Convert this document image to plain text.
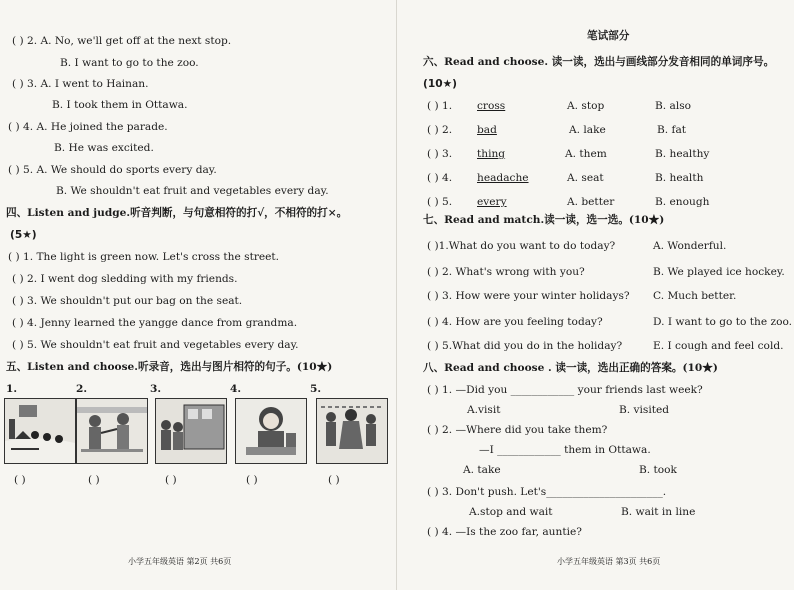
( ) 2. A. No, we'll get off at the next stop.
B. I want to go to the zoo.
( ) 3. A. I went to Hainan.
B. I took them in Ottawa.
( ) 4. A. He joined the parade.
B. He was excited.
( ) 5. A. We should do sports every day.
B. We shouldn't eat fruit and vegetables every day.
四、Listen and judge.听音判断，与句意相符的打√，不相符的打×。
(5★)
( ) 1. The light is green now. Let's cross the street.
( ) 2. I went dog sledding with my friends.
( ) 3. We shouldn't put our bag on the seat.
( ) 4. Jenny learned the yangge dance from grandma.
( ) 5. We shouldn't eat fruit and vegetables every day.
五、Listen and choose.听录音，选出与图片相符的句子。(10★)
1.	2.	3.	4.	5.
( )	( )	( )	( )	( )
小学五年级英语 第2页 共6页
笔试部分
六、Read and choose. 读一读，选出与画线部分发音相同的单词序号。
(10★)
( ) 1. cross	A. stop	B. also
( ) 2. bad	A. lake	B. fat
( ) 3. thing	A. them	B. healthy
( ) 4. headache	A. seat	B. health
( ) 5. every	A. better	B. enough
七、Read and match.读一读，选一选。(10★)
( )1.What do you want to do today?	A. Wonderful.
( ) 2. What's wrong with you?	B. We played ice hockey.
( ) 3. How were your winter holidays? C. Much better.
( ) 4. How are you feeling today?	D. I want to go to the zoo.
( ) 5.What did you do in the holiday?	E. I cough and feel cold.
八、Read and choose . 读一读，选出正确的答案。(10★)
( ) 1. —Did you ____________ your friends last week?
A.visit	B. visited
( ) 2. —Where did you take them?
—I ____________ them in Ottawa.
A. take	B. took
( ) 3. Don't push. Let's______________________.
A.stop and wait	B. wait in line
( ) 4. —Is the zoo far, auntie?
小学五年级英语 第3页 共6页
